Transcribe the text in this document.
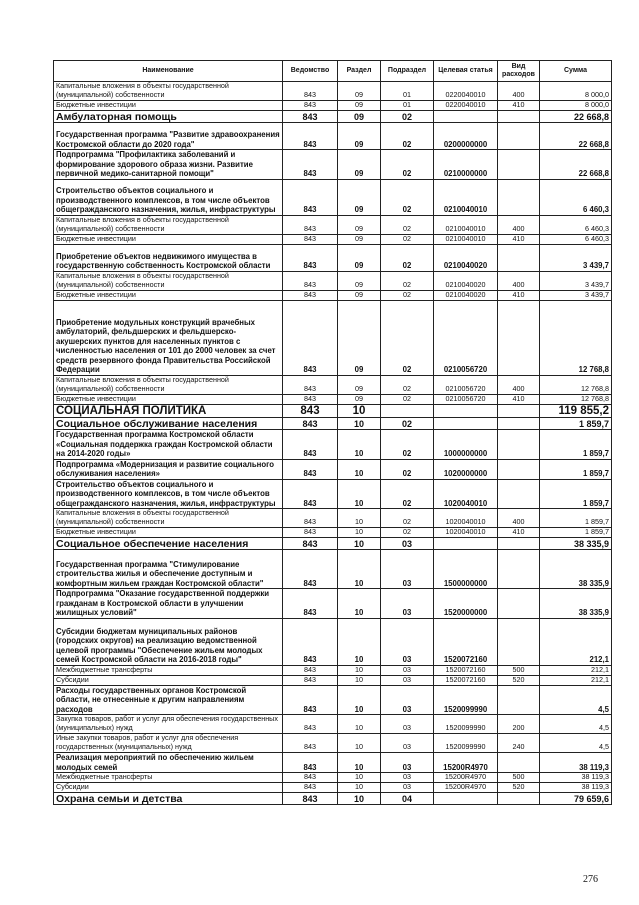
Наименование	Ведомство	Раздел	Подраздел	Целевая статья	Вид расходов	Сумма
Капитальные вложения в объекты государственной (муниципальной) собственности	843	09	01	0220040010	400	8 000,0
Бюджетные инвестиции	843	09	01	0220040010	410	8 000,0
Амбулаторная помощь	843	09	02			22 668,8
Государственная программа "Развитие здравоохранения Костромской области до 2020 года"	843	09	02	0200000000		22 668,8
Подпрограмма "Профилактика заболеваний и формирование здорового образа жизни. Развитие первичной медико-санитарной помощи"	843	09	02	0210000000		22 668,8
Строительство объектов социального и производственного комплексов, в том числе объектов общегражданского назначения, жилья, инфраструктуры	843	09	02	0210040010		6 460,3
Капитальные вложения в объекты государственной (муниципальной) собственности	843	09	02	0210040010	400	6 460,3
Бюджетные инвестиции	843	09	02	0210040010	410	6 460,3
Приобретение объектов недвижимого имущества в государственную собственность Костромской области	843	09	02	0210040020		3 439,7
Капитальные вложения в объекты государственной (муниципальной) собственности	843	09	02	0210040020	400	3 439,7
Бюджетные инвестиции	843	09	02	0210040020	410	3 439,7
Приобретение модульных конструкций врачебных амбулаторий, фельдшерских и фельдшерско-акушерских пунктов для населенных пунктов с численностью населения от 101 до 2000 человек за счет средств резервного фонда Правительства Российской Федерации	843	09	02	0210056720		12 768,8
Капитальные вложения в объекты государственной (муниципальной) собственности	843	09	02	0210056720	400	12 768,8
Бюджетные инвестиции	843	09	02	0210056720	410	12 768,8
СОЦИАЛЬНАЯ ПОЛИТИКА	843	10				119 855,2
Социальное обслуживание населения	843	10	02			1 859,7
Государственная программа Костромской области «Социальная поддержка граждан Костромской области на 2014-2020 годы»	843	10	02	1000000000		1 859,7
Подпрограмма «Модернизация и развитие социального обслуживания населения»	843	10	02	1020000000		1 859,7
Строительство объектов социального и производственного комплексов, в том числе объектов общегражданского назначения, жилья, инфраструктуры	843	10	02	1020040010		1 859,7
Капитальные вложения в объекты государственной (муниципальной) собственности	843	10	02	1020040010	400	1 859,7
Бюджетные инвестиции	843	10	02	1020040010	410	1 859,7
Социальное обеспечение населения	843	10	03			38 335,9
Государственная программа "Стимулирование строительства жилья и обеспечение доступным и комфортным жильем граждан Костромской области"	843	10	03	1500000000		38 335,9
Подпрограмма "Оказание государственной поддержки гражданам в Костромской области в улучшении жилищных условий"	843	10	03	1520000000		38 335,9
Субсидии бюджетам муниципальных районов (городских округов) на реализацию ведомственной целевой программы "Обеспечение жильем молодых семей Костромской области на 2016-2018 годы"	843	10	03	1520072160		212,1
Межбюджетные трансферты	843	10	03	1520072160	500	212,1
Субсидии	843	10	03	1520072160	520	212,1
Расходы государственных органов Костромской области, не отнесенные к другим направлениям расходов	843	10	03	1520099990		4,5
Закупка товаров, работ и услуг для обеспечения государственных (муниципальных) нужд	843	10	03	1520099990	200	4,5
Иные закупки товаров, работ и услуг для обеспечения государственных (муниципальных) нужд	843	10	03	1520099990	240	4,5
Реализация мероприятий по обеспечению жильем молодых семей	843	10	03	15200R4970		38 119,3
Межбюджетные трансферты	843	10	03	15200R4970	500	38 119,3
Субсидии	843	10	03	15200R4970	520	38 119,3
Охрана семьи и детства	843	10	04			79 659,6
276
